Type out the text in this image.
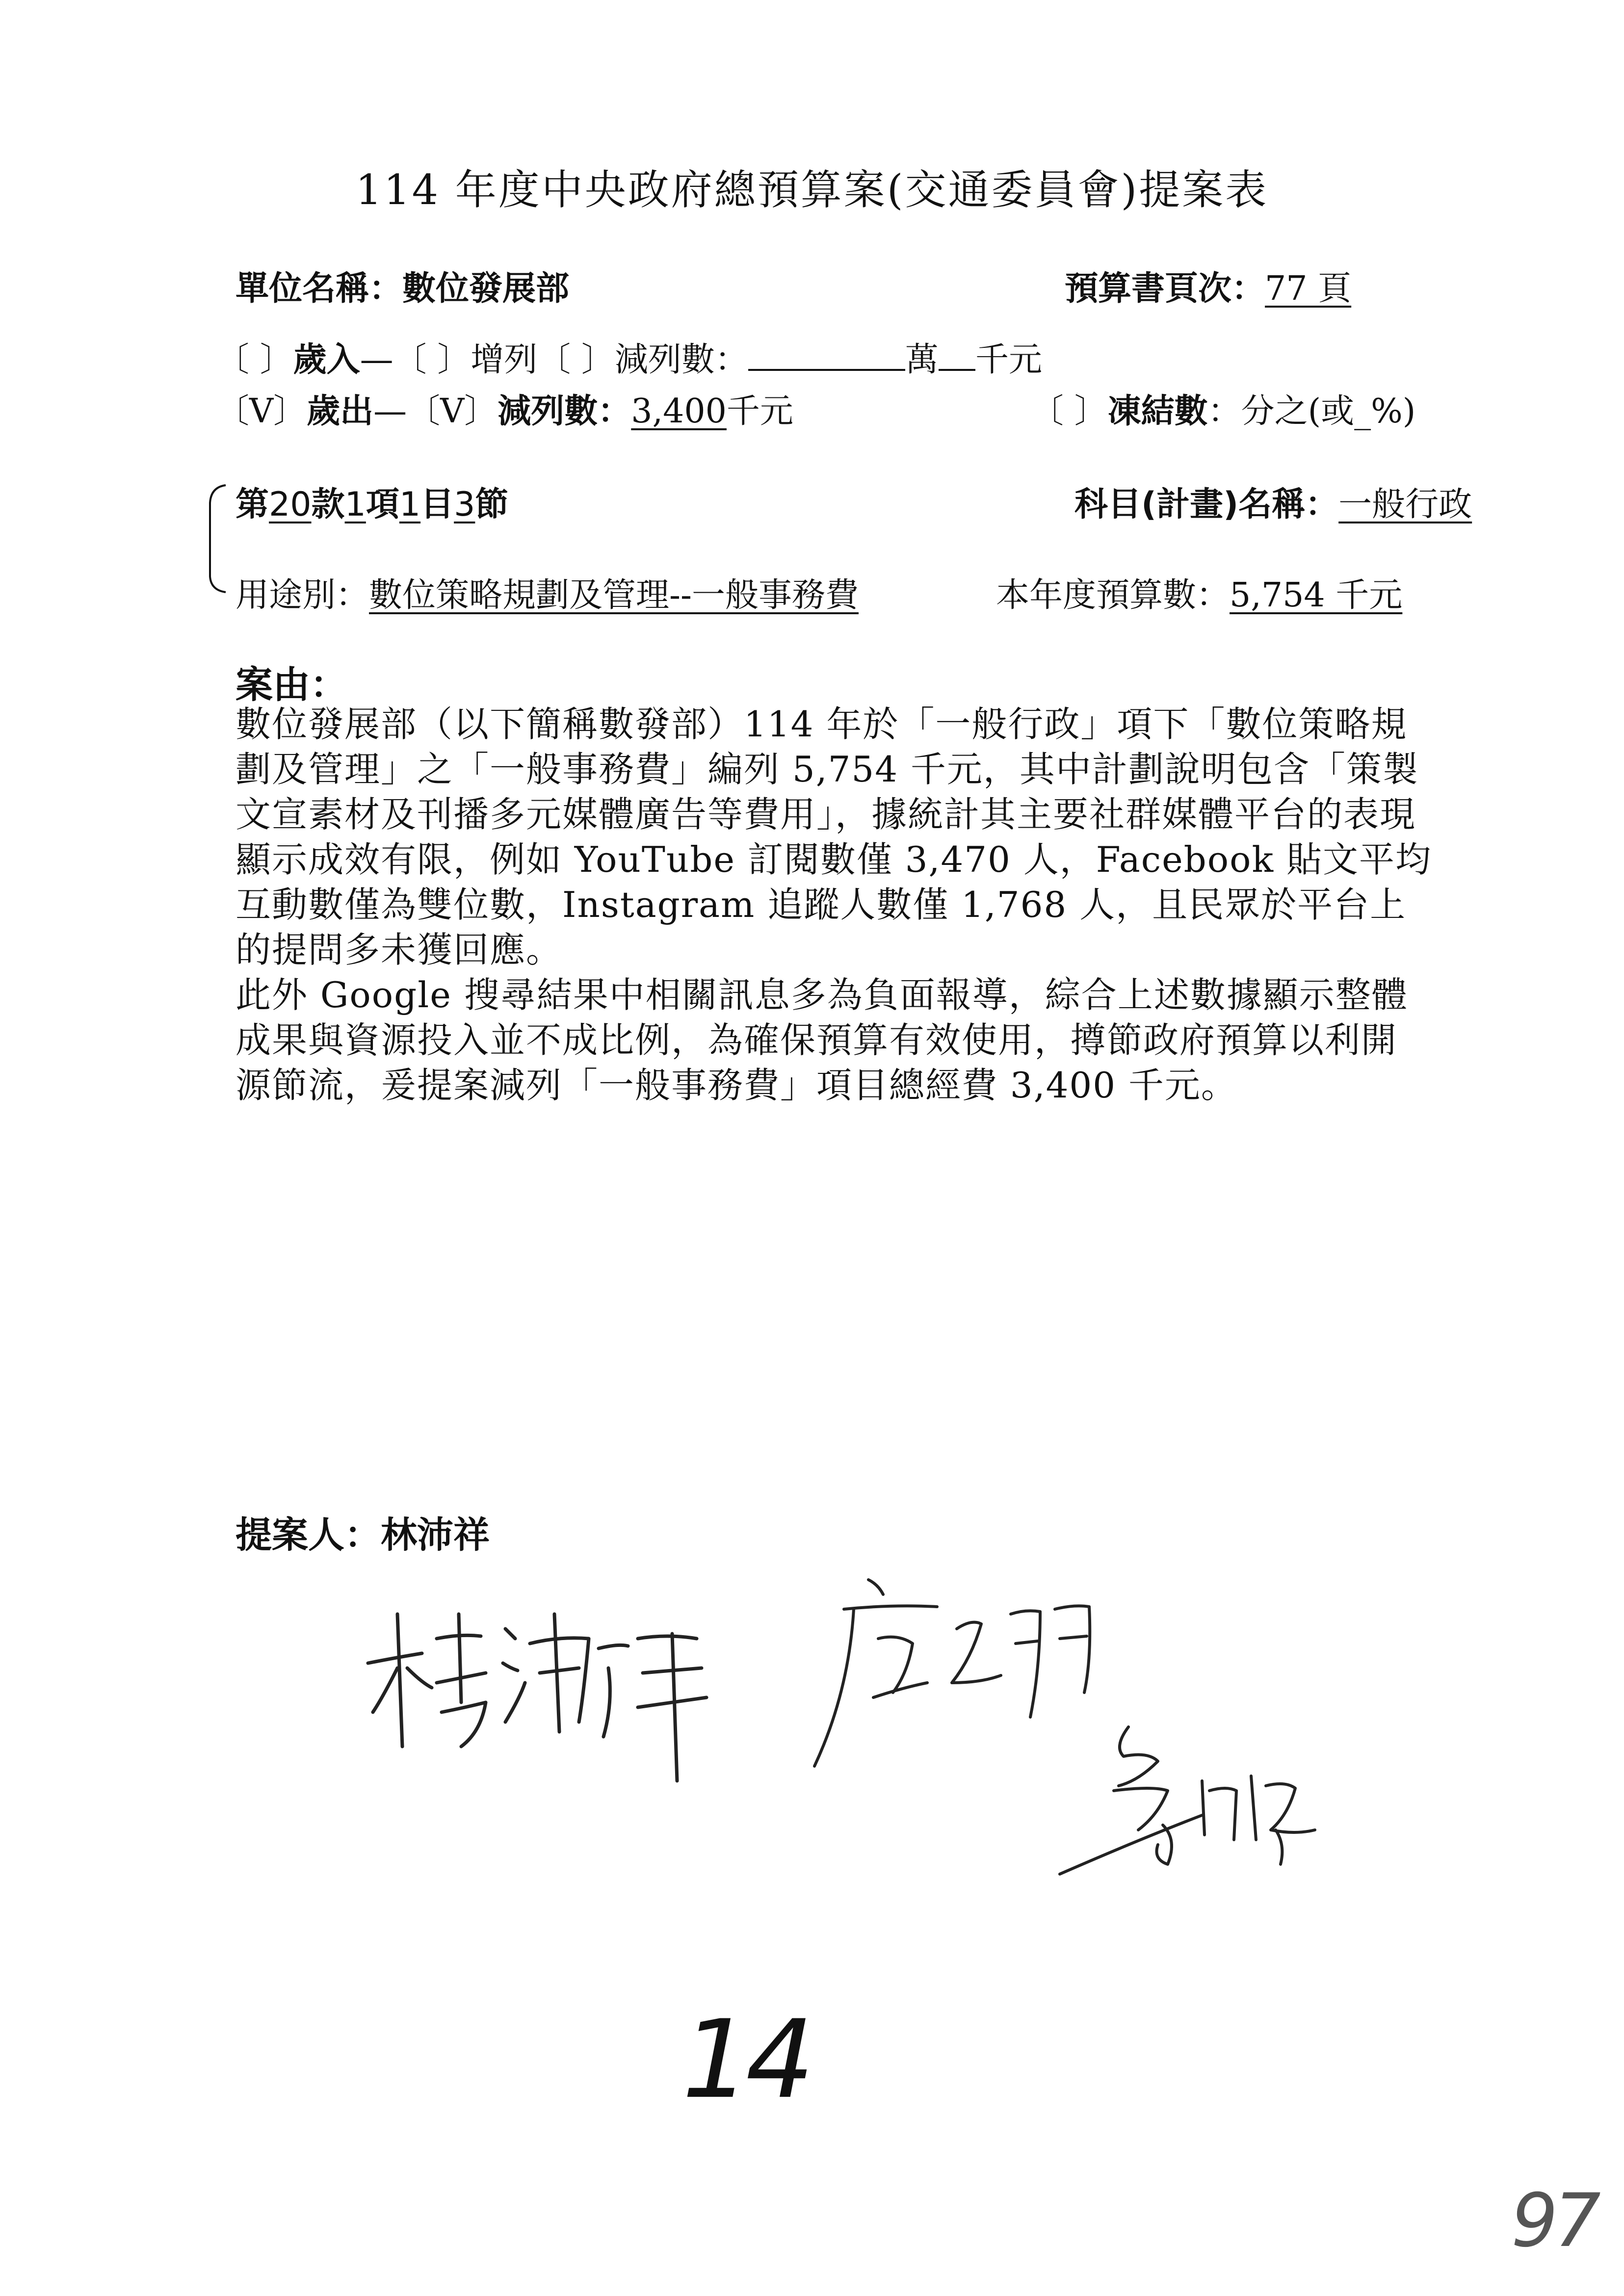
114 年度中央政府總預算案(交通委員會)提案表
單位名稱：數位發展部	預算書頁次：77 頁
〔 〕歲入—〔 〕增列〔 〕減列數：	萬 千元
〔V〕歲出—〔V〕減列數：3,400千元	〔 〕凍結數：分之(或_%)
第20款1項1目3節	科目(計畫)名稱：一般行政
用途別：數位策略規劃及管理--一般事務費	本年度預算數：5,754 千元
案由：

數位發展部（以下簡稱數發部）114 年於「一般行政」項下「數位策略規劃及管理」之「一般事務費」編列 5,754 千元，其中計劃說明包含「策製文宣素材及刊播多元媒體廣告等費用」，據統計其主要社群媒體平台的表現顯示成效有限，例如 YouTube 訂閱數僅 3,470 人，Facebook 貼文平均互動數僅為雙位數，Instagram 追蹤人數僅 1,768 人，且民眾於平台上的提問多未獲回應。

此外 Google 搜尋結果中相關訊息多為負面報導，綜合上述數據顯示整體成果與資源投入並不成比例，為確保預算有效使用，撙節政府預算以利開源節流，爰提案減列「一般事務費」項目總經費 3,400 千元。

提案人：林沛祥
14
97
